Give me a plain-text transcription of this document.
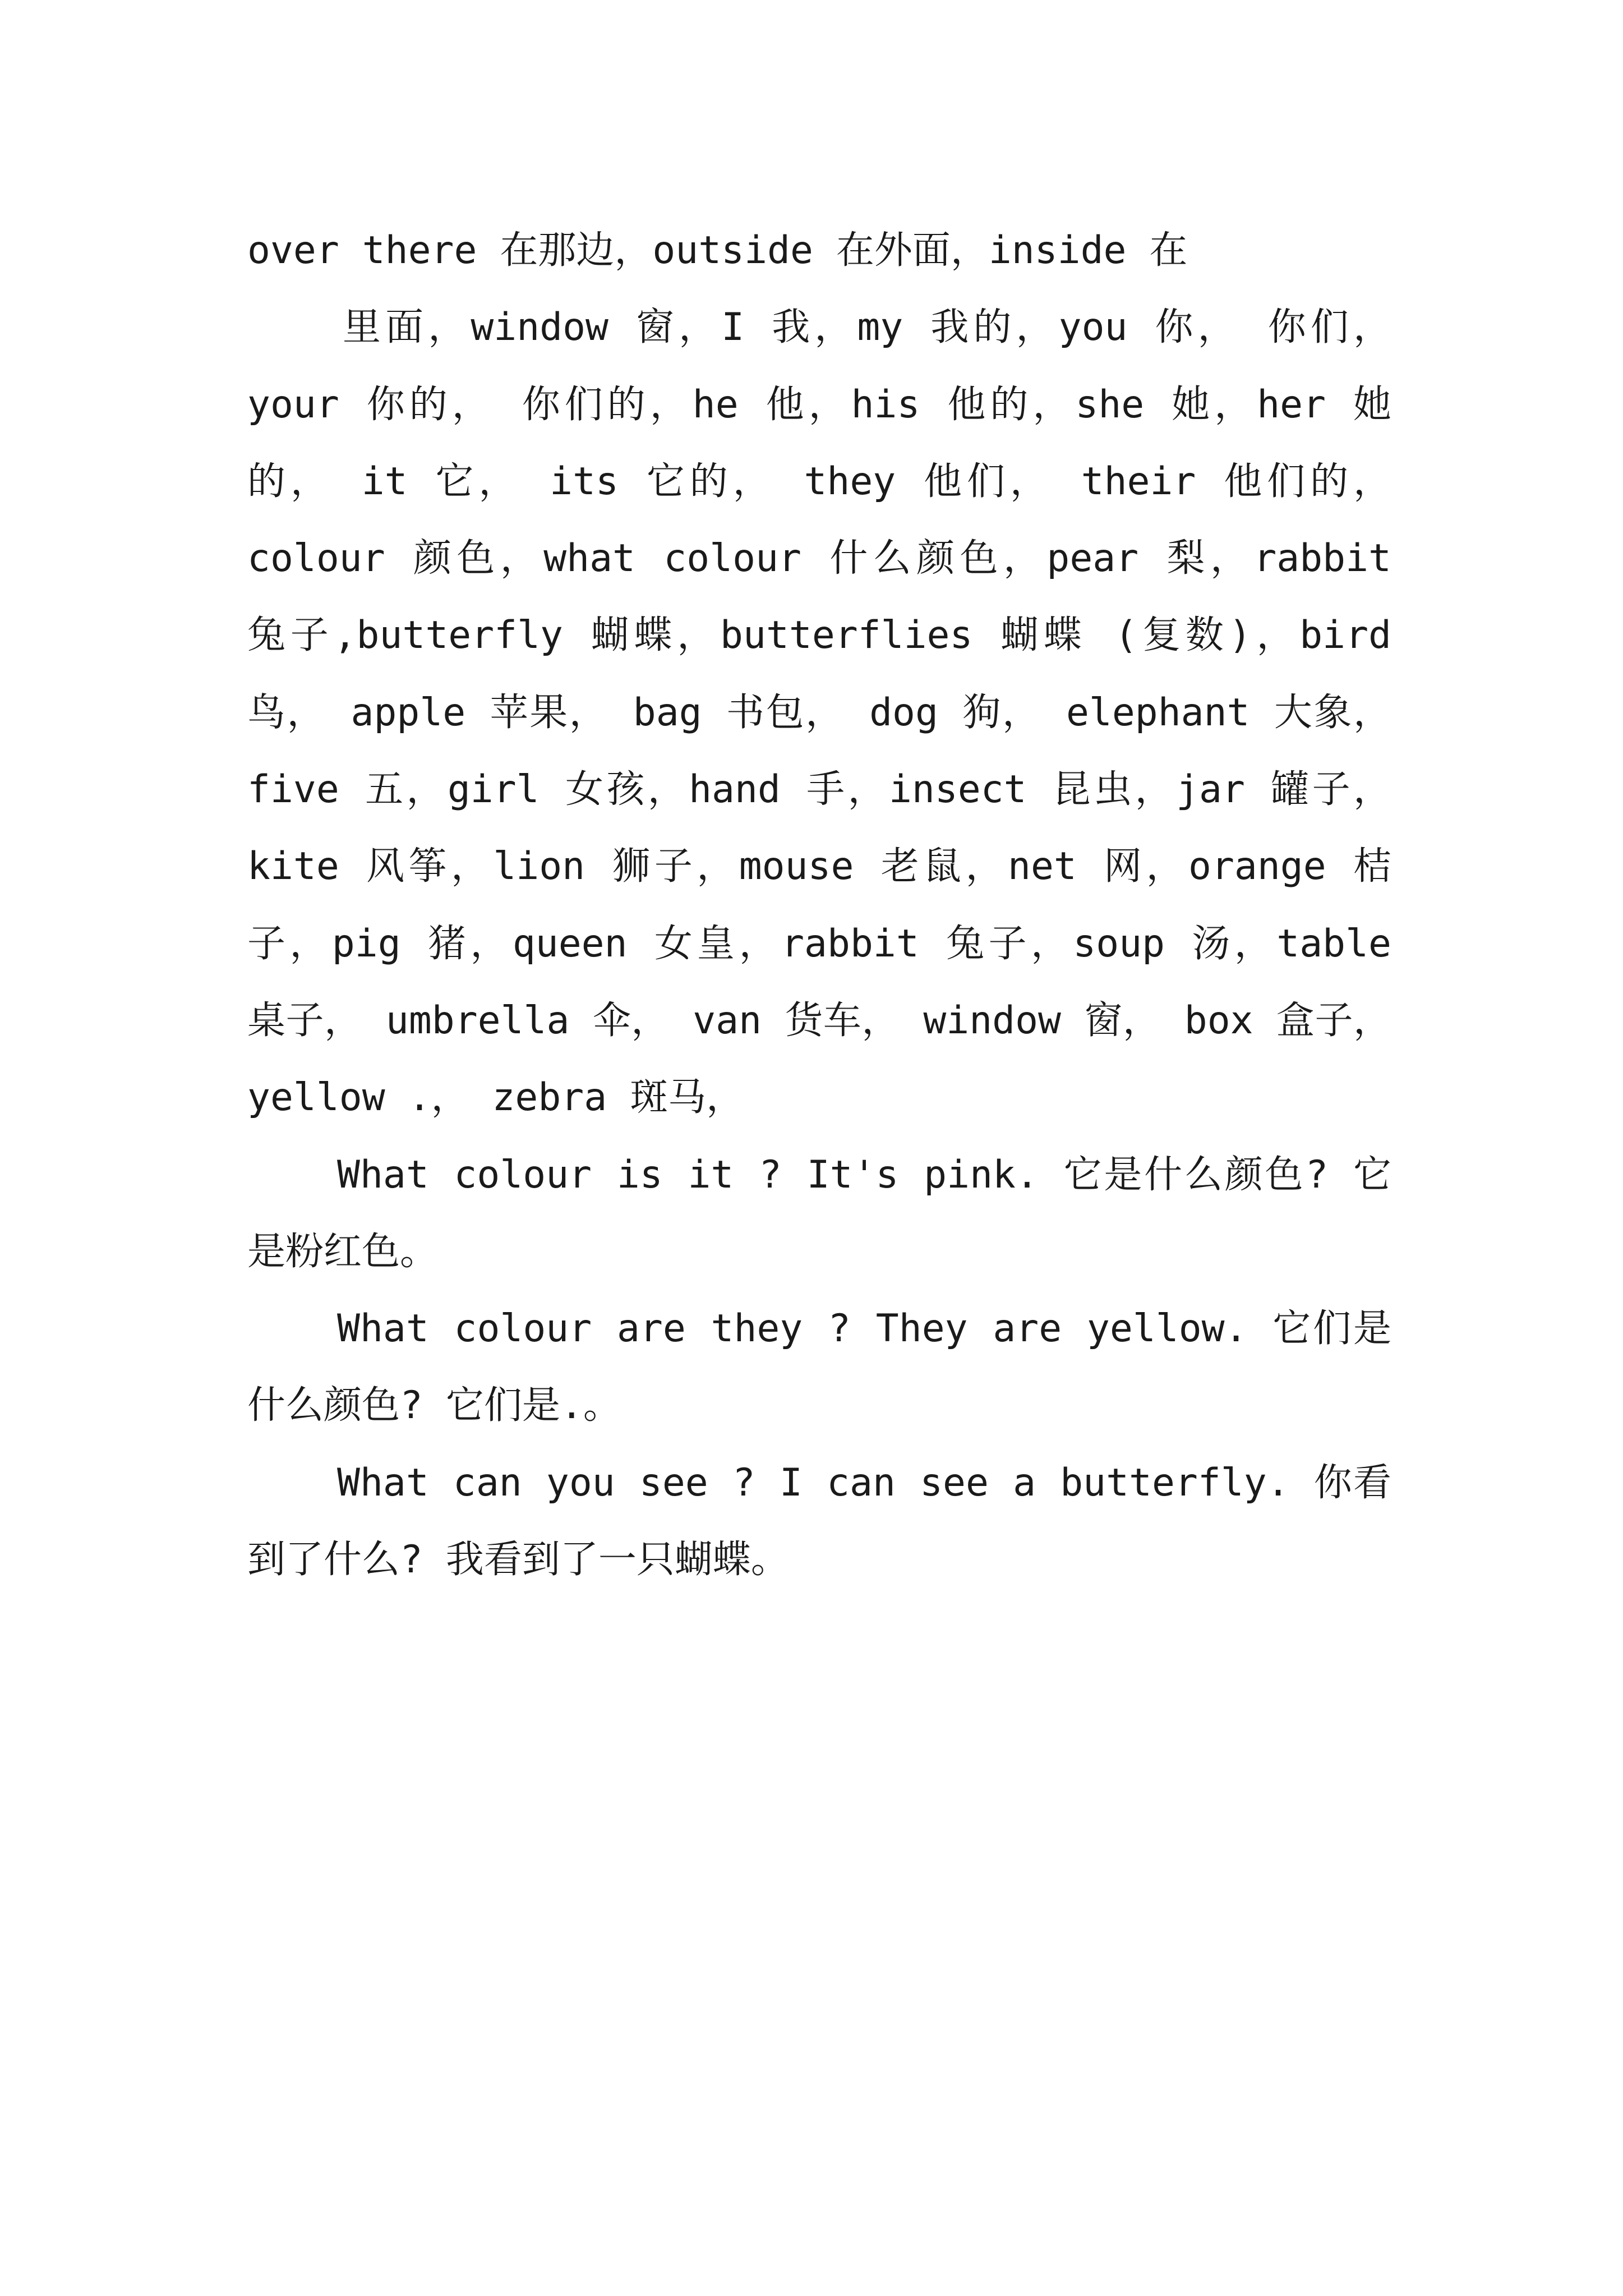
over there 在那边，outside 在外面，inside 在
里面，window 窗，I 我，my 我的，you 你， 你们，
your 你的， 你们的，he 他，his 他的，she 她，her 她
的， it 它， its 它的， they 他们， their 他们的，
colour 颜色，what colour 什么颜色，pear 梨，rabbit
兔子,butterfly 蝴蝶，butterflies 蝴蝶 (复数)，bird
鸟， apple 苹果， bag 书包， dog 狗， elephant 大象，
five 五，girl 女孩，hand 手，insect 昆虫，jar 罐子，
kite 风筝，lion 狮子，mouse 老鼠，net 网，orange 桔
子，pig 猪，queen 女皇，rabbit 兔子，soup 汤，table
桌子， umbrella 伞， van 货车， window 窗， box 盒子，
yellow .， zebra 斑马，
What colour is it ? It's pink. 它是什么颜色? 它
是粉红色。
What colour are they ? They are yellow. 它们是
什么颜色? 它们是.。
What can you see ? I can see a butterfly. 你看
到了什么? 我看到了一只蝴蝶。
